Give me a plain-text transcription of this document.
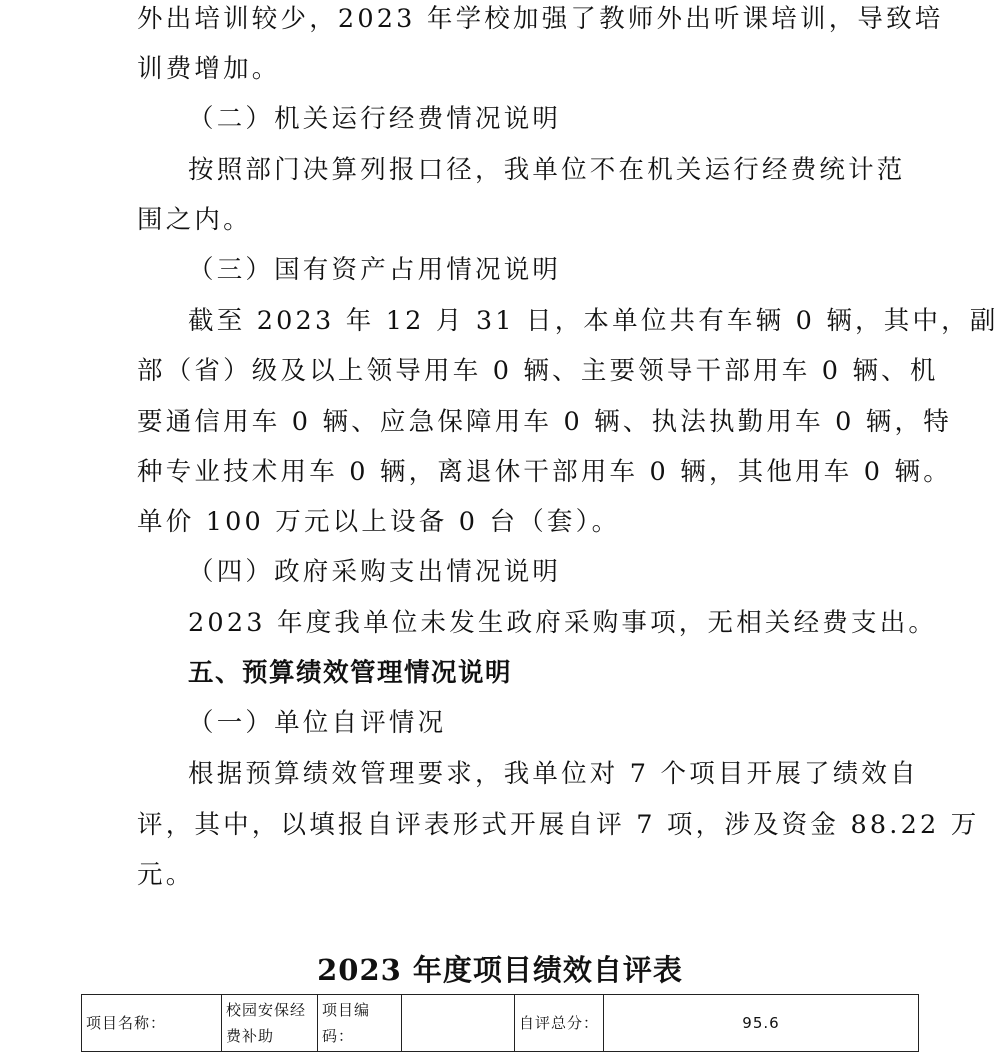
外出培训较少，2023 年学校加强了教师外出听课培训，导致培
训费增加。
（二）机关运行经费情况说明
按照部门决算列报口径，我单位不在机关运行经费统计范
围之内。
（三）国有资产占用情况说明
截至 2023 年 12 月 31 日，本单位共有车辆 0 辆，其中，副
部（省）级及以上领导用车 0 辆、主要领导干部用车 0 辆、机
要通信用车 0 辆、应急保障用车 0 辆、执法执勤用车 0 辆，特
种专业技术用车 0 辆，离退休干部用车 0 辆，其他用车 0 辆。
单价 100 万元以上设备 0 台（套）。
（四）政府采购支出情况说明
2023 年度我单位未发生政府采购事项，无相关经费支出。
五、预算绩效管理情况说明
（一）单位自评情况
根据预算绩效管理要求，我单位对 7 个项目开展了绩效自
评，其中，以填报自评表形式开展自评 7 项，涉及资金 88.22 万
元。
2023 年度项目绩效自评表
项目名称：	校园安保经费补助	项目编码：		自评总分：	95.6
